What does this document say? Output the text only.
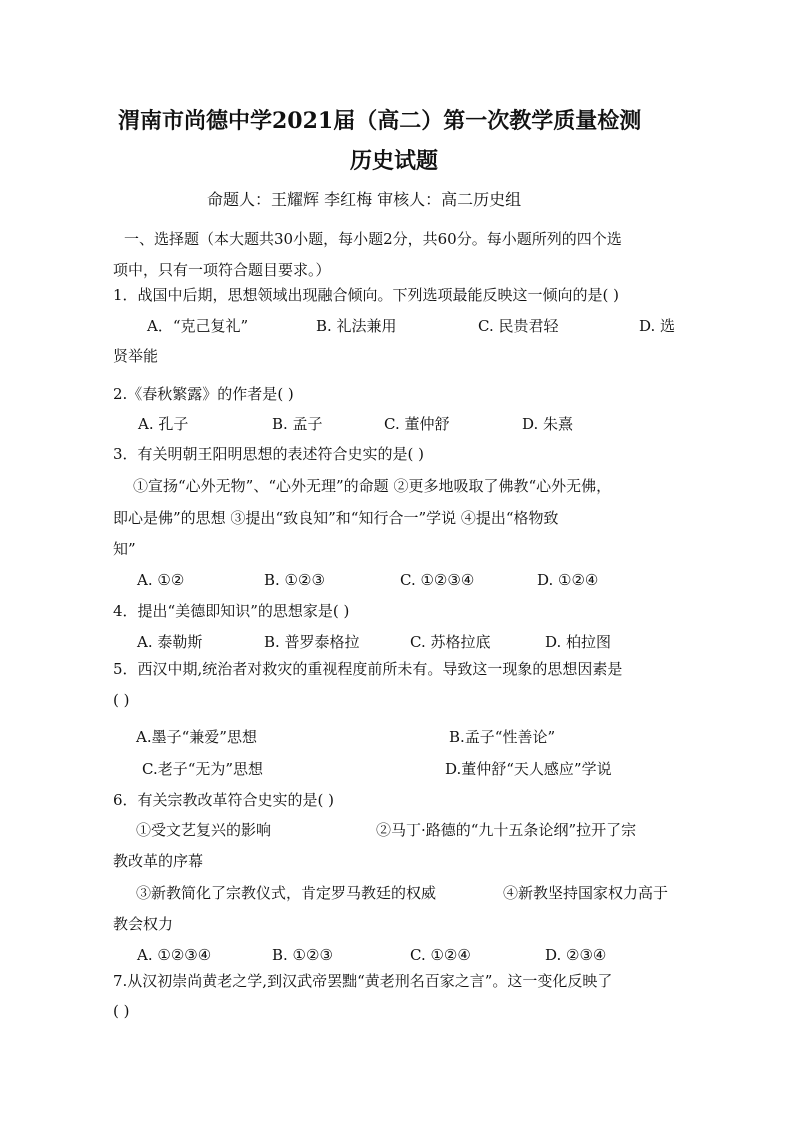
渭南市尚德中学2021届（高二）第一次教学质量检测
历史试题
命题人：王耀辉 李红梅 审核人：高二历史组
一、选择题（本大题共30小题，每小题2分，共60分。每小题所列的四个选
项中，只有一项符合题目要求。）
1．战国中后期，思想领域出现融合倾向。下列选项最能反映这一倾向的是( )
A．“克己复礼”	B. 礼法兼用	C. 民贵君轻	D. 选
贤举能
2.《春秋繁露》的作者是( )
A. 孔子	B. 孟子	C. 董仲舒	D. 朱熹
3．有关明朝王阳明思想的表述符合史实的是( )
①宣扬“心外无物”、“心外无理”的命题 ②更多地吸取了佛教“心外无佛，
即心是佛”的思想 ③提出“致良知”和“知行合一”学说 ④提出“格物致
知”
A. ①②	B. ①②③	C. ①②③④	D. ①②④
4．提出“美德即知识”的思想家是( )
A. 泰勒斯	B. 普罗泰格拉	C. 苏格拉底	D. 柏拉图
5．西汉中期,统治者对救灾的重视程度前所未有。导致这一现象的思想因素是
( )
A.墨子“兼爱”思想	B.孟子“性善论”
C.老子“无为”思想	D.董仲舒“天人感应”学说
6．有关宗教改革符合史实的是( )
①受文艺复兴的影响	②马丁·路德的“九十五条论纲”拉开了宗
教改革的序幕
③新教简化了宗教仪式，肯定罗马教廷的权威	④新教坚持国家权力高于
教会权力
A. ①②③④	B. ①②③	C. ①②④	D. ②③④
7.从汉初崇尚黄老之学,到汉武帝罢黜“黄老刑名百家之言”。这一变化反映了
( )
